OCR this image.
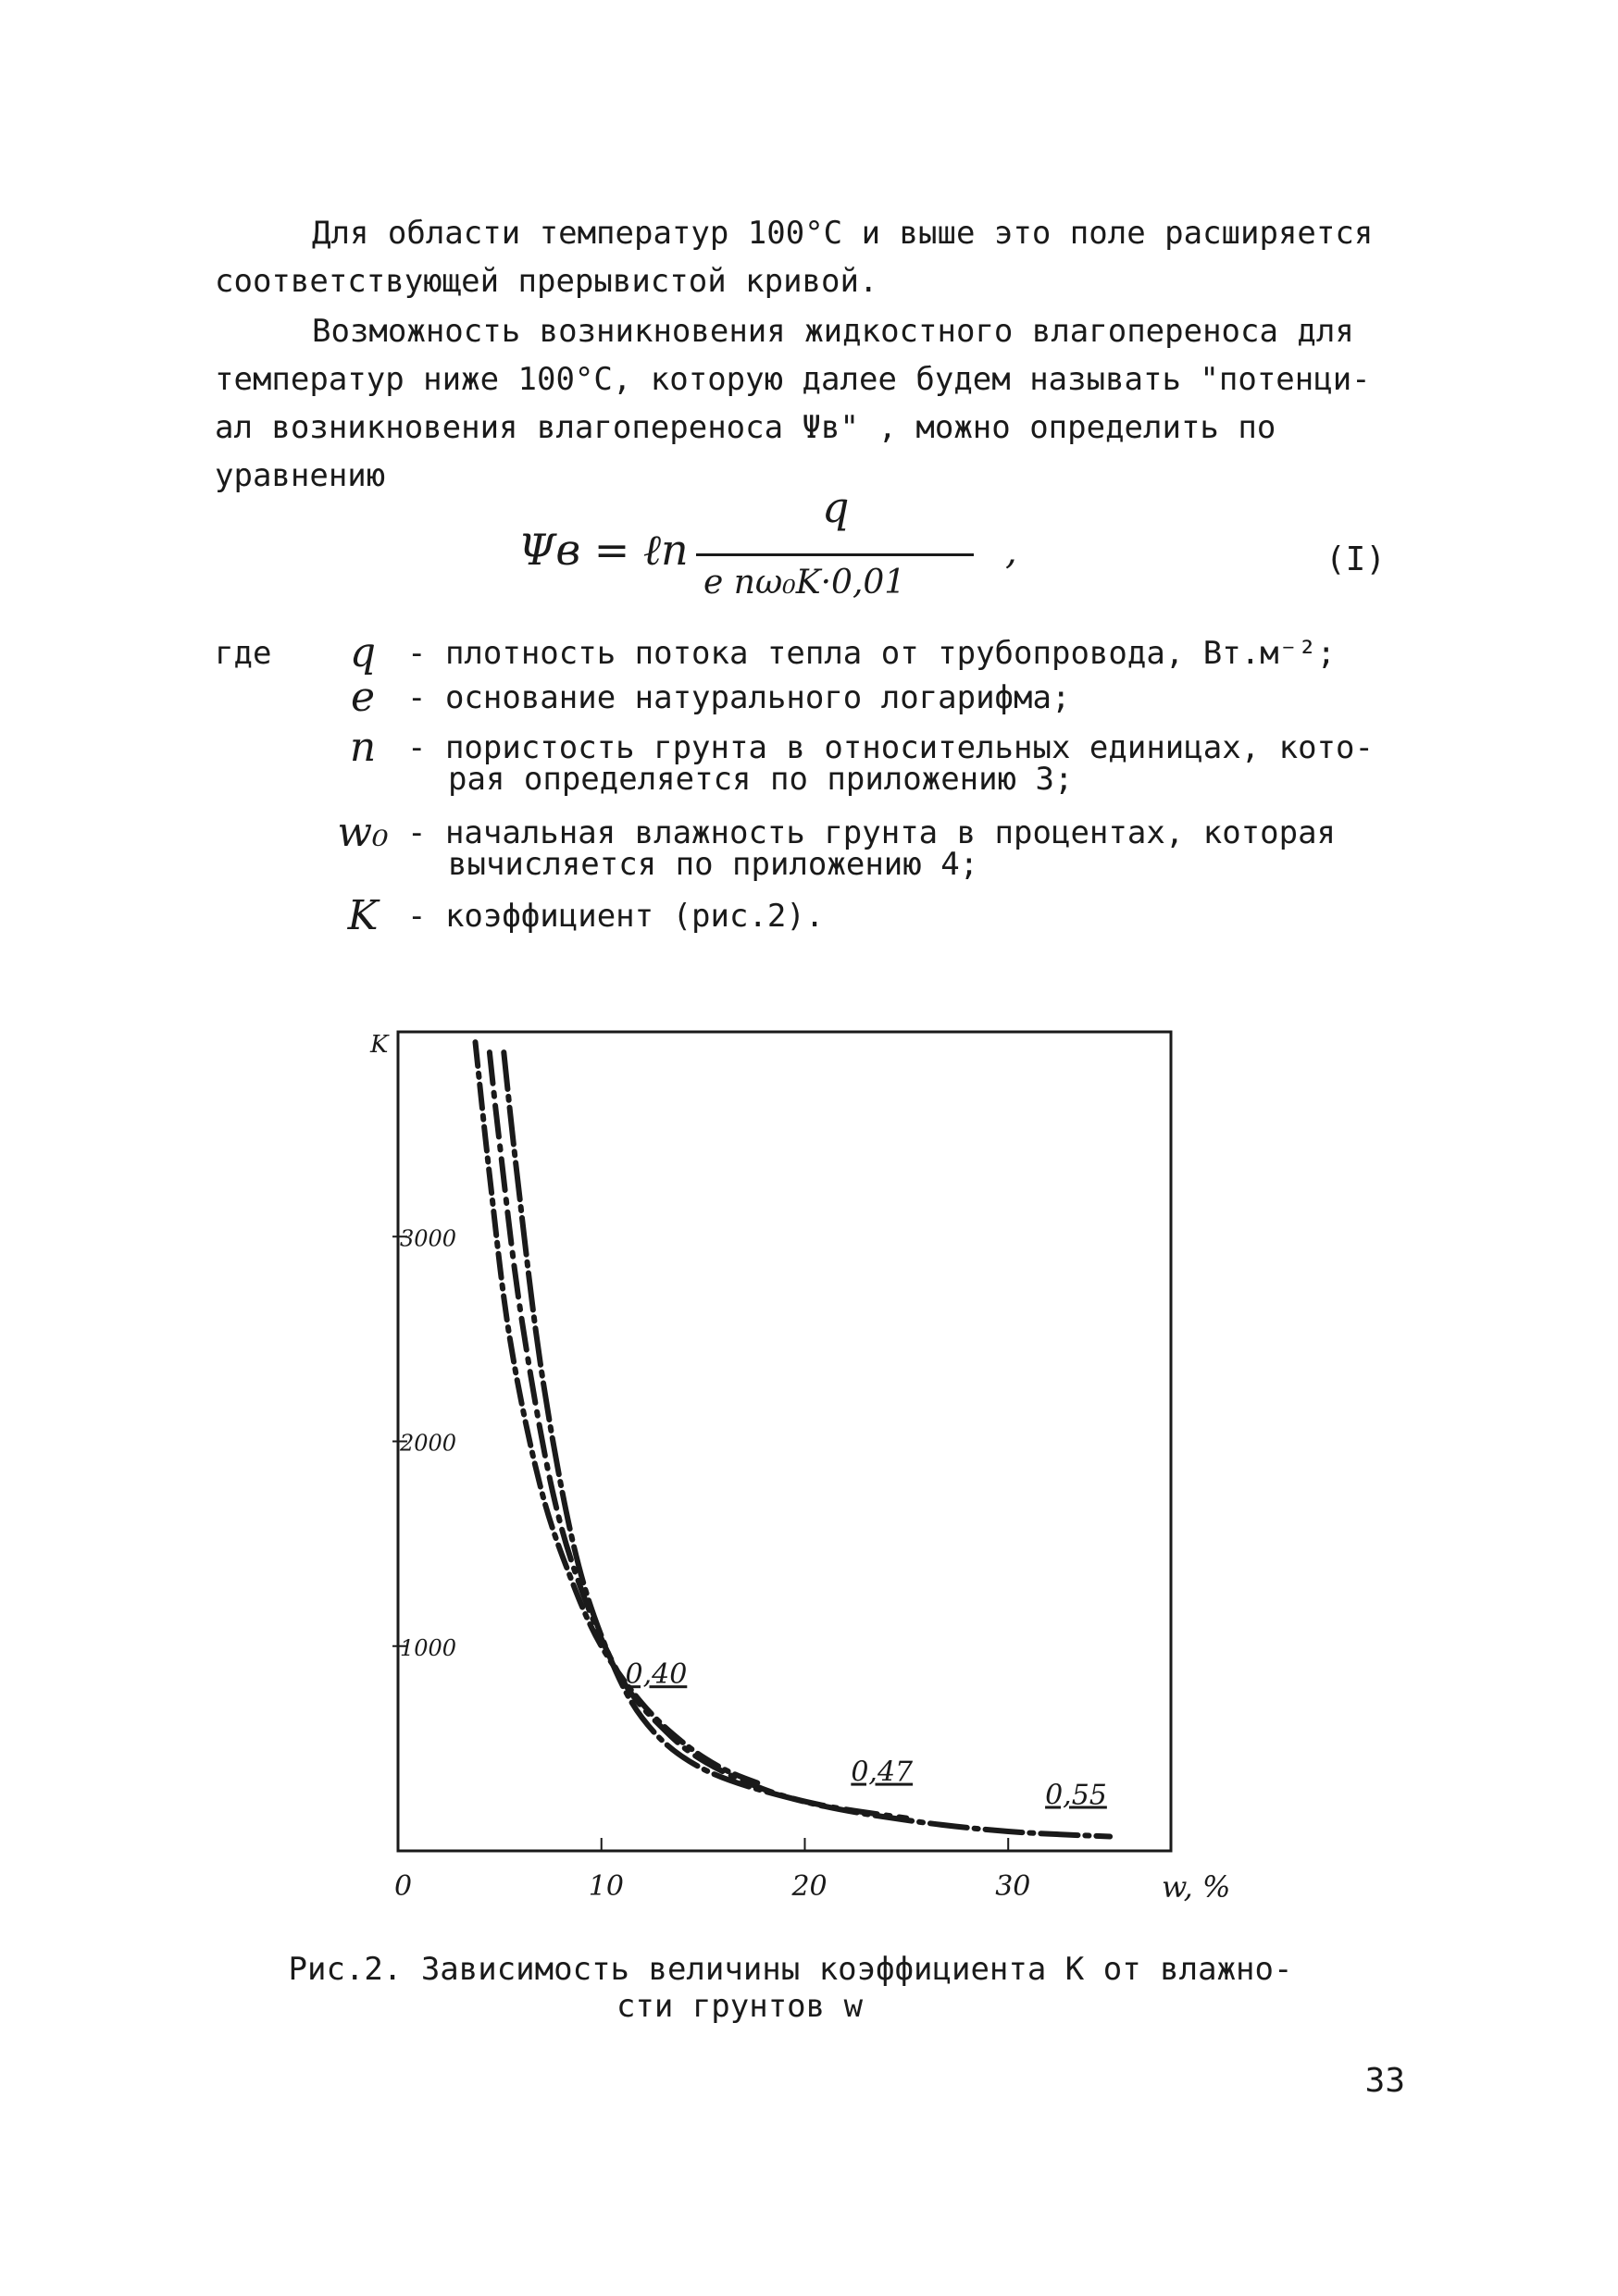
Для области температур 100°С и выше это поле расширяется
соответствующей прерывистой кривой.
Возможность возникновения жидкостного влагопереноса для
температур ниже 100°С, которую далее будем называть "потенци-
ал возникновения влагопереноса Ψв" , можно определить по
уравнению
Ψв = ℓn
q
e nω₀K·0,01
,	(I)
где	q - плотность потока тепла от трубопровода, Вт.м⁻²;
e	- основание натурального логарифма;
n - пористость грунта в относительных единицах, кото-
рая определяется по приложению 3;
w₀ - начальная влажность грунта в процентах, которая
вычисляется по приложению 4;
K - коэффициент (рис.2).
0	10	20	30
1000
2000
3000
K
w, %
0,40
0,47
0,55
Рис.2. Зависимость величины коэффициента К от влажно-
сти грунтов w
33
